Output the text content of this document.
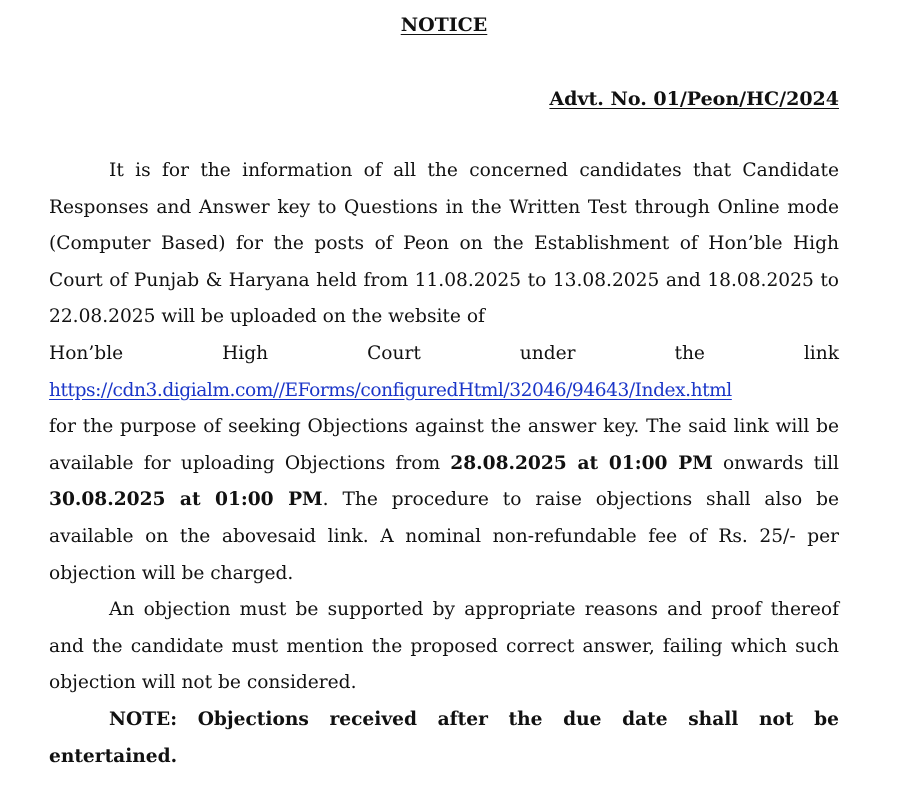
NOTICE
Advt. No. 01/Peon/HC/2024

It is for the information of all the concerned candidates that Candidate Responses and Answer key to Questions in the Written Test through Online mode (Computer Based) for the posts of Peon on the Establishment of Hon’ble High Court of Punjab & Haryana held from 11.08.2025 to 13.08.2025 and 18.08.2025 to 22.08.2025 will be uploaded on the website of

Hon’ble	High	Court	under	the	link
https://cdn3.digialm.com//EForms/configuredHtml/32046/94643/Index.html

for the purpose of seeking Objections against the answer key. The said link will be available for uploading Objections from 28.08.2025 at 01:00 PM onwards till 30.08.2025 at 01:00 PM. The procedure to raise objections shall also be available on the abovesaid link. A nominal non-refundable fee of Rs. 25/- per objection will be charged.

An objection must be supported by appropriate reasons and proof thereof and the candidate must mention the proposed correct answer, failing which such objection will not be considered.

NOTE: Objections received after the due date shall not be entertained.
